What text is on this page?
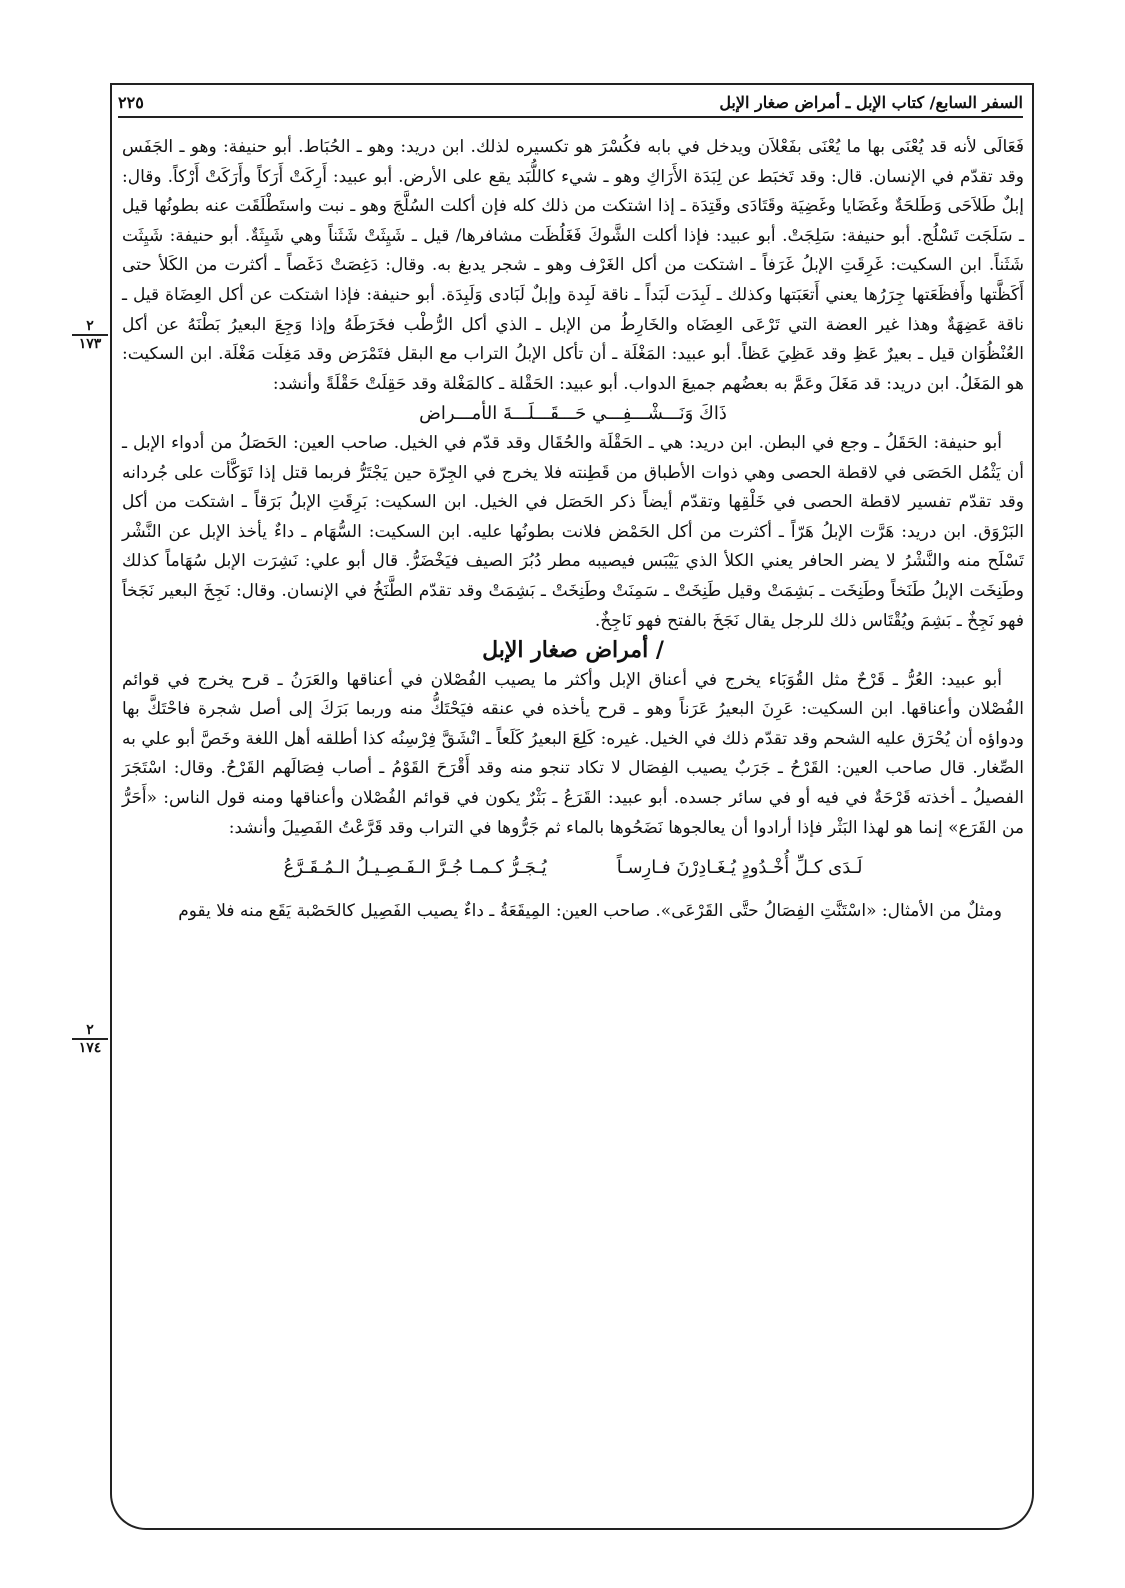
السفر السابع/ كتاب الإبل ـ أمراض صغار الإبل
٢٢٥
٢
١٧٣
٢
١٧٤

فَعَالَى لأنه قد يُعْنَى بها ما يُعْنَى بفَعْلاَن ويدخل في بابه فكُسْرَ هو تكسيره لذلك. ابن دريد: وهو ـ الحُبَاط. أبو حنيفة: وهو ـ الجَفَس وقد تقدّم في الإنسان. قال: وقد تَخبَط عن لِبَدَة الأَرَاكِ وهو ـ شيء كاللُّبَد يقع على الأرض. أبو عبيد: أَرِكَتْ أَرَكاً وأَرَكَتْ أَرْكاً. وقال: إبلٌ طَلاَحَى وَطَلحَةٌ وغَضَايا وغَضِيَة وقَتَادَى وقَتِدَة ـ إذا اشتكت من ذلك كله فإن أكلت السُلَّجَ وهو ـ نبت واستَطْلَقَت عنه بطونُها قيل ـ سَلَجَت تَسْلُج. أبو حنيفة: سَلِجَتْ. أبو عبيد: فإذا أكلت الشَّوكَ فَغَلُظَت مشافرها/ قيل ـ شَيِثَتْ شَثَناً وهي شَيِثَةٌ. أبو حنيفة: شَيِثَت شَثَناً. ابن السكيت: غَرِقَتِ الإبلُ غَرَفاً ـ اشتكت من أكل الغَرْف وهو ـ شجر يدبغ به. وقال: دَغِصَتْ دَغَصاً ـ أكثرت من الكَلأ حتى أَكَظَّتها وأَفظَعَتها جِرَرُها يعني أَتعَبَتها وكذلك ـ لَبِدَت لَبَداً ـ ناقة لَبِدة وإبلٌ لَبَادى وَلَبِدَة. أبو حنيفة: فإذا اشتكت عن أكل العِضَاة قيل ـ ناقة عَضِهَةٌ وهذا غير العضة التي تَرْعَى العِضَاه والخَارِطُ من الإبل ـ الذي أكل الرُّطْب فخَرَطَهُ وإذا وَجِعَ البعيرُ بَطْنَهُ عن أكل العُنْظُوَان قيل ـ بعيرٌ عَظِ وقد عَظِيَ عَظاً. أبو عبيد: المَغْلَة ـ أن تأكل الإبلُ التراب مع البقل فتَمْرَض وقد مَغِلَت مَغْلَة. ابن السكيت: هو المَغَلُ. ابن دريد: قد مَغَلَ وعَمَّ به بعضُهم جميعَ الدواب. أبو عبيد: الحَقْلة ـ كالمَغْلة وقد حَقِلَتْ حَقْلَةً وأنشد:

ذَاكَ وَنَـــشْـــفِـــي حَـــقَـــلَـــةَ الأمـــراض

أبو حنيفة: الحَقَلُ ـ وجع في البطن. ابن دريد: هي ـ الحَقْلَة والحُقَال وقد قدّم في الخيل. صاحب العين: الحَصَلُ من أدواء الإبل ـ أن يَثْمُل الحَصَى في لاقطة الحصى وهي ذوات الأطباق من قَطِنته فلا يخرج في الجِرّة حين يَجْتَرُّ فربما قتل إذا تَوَكَّأت على جُردانه وقد تقدّم تفسير لاقطة الحصى في خَلْقِها وتقدّم أيضاً ذكر الحَصَل في الخيل. ابن السكيت: بَرِقَتِ الإبلُ بَرَقاً ـ اشتكت من أكل البَرْوَق. ابن دريد: هَرَّت الإبلُ هَرّاً ـ أكثرت من أكل الحَمْض فلانت بطونُها عليه. ابن السكيت: السُّهَام ـ داءٌ يأخذ الإبل عن النَّشْر تَسْلَح منه والنَّشْرُ لا يضر الحافر يعني الكلأ الذي يَيْبَس فيصيبه مطر دُبُرَ الصيف فيَخْضَرُّ. قال أبو علي: نَشِرَت الإبل سُهَاماً كذلك وطَنِخَت الإبلُ طَنَخاً وطَنِخَت ـ بَشِمَتْ وقيل طَنِخَتْ ـ سَمِنَتْ وطَنِخَتْ ـ بَشِمَتْ وقد تقدّم الطَّنَخُ في الإنسان. وقال: نَجِخَ البعير نَجَخاً فهو نَجِخٌ ـ بَشِمَ ويُقْتَاس ذلك للرجل يقال نَجَخَ بالفتح فهو نَاجِخٌ.

/ أمراض صغار الإبل

أبو عبيد: العُرُّ ـ قَرْحٌ مثل القُوَبَاء يخرج في أعناق الإبل وأكثر ما يصيب الفُصْلان في أعناقها والعَرَنُ ـ قرح يخرج في قوائم الفُصْلان وأعناقها. ابن السكيت: عَرِنَ البعيرُ عَرَناً وهو ـ قرح يأخذه في عنقه فيَحْتَكُّ منه وربما بَرَكَ إلى أصل شجرة فاحْتَكَّ بها ودواؤه أن يُحْرَق عليه الشحم وقد تقدّم ذلك في الخيل. غيره: كَلِعَ البعيرُ كَلَعاً ـ انْشَقَّ فِرْسِنُه كذا أطلقه أهل اللغة وخَصَّ أبو علي به الصِّغار. قال صاحب العين: القَرْحُ ـ جَرَبٌ يصيب الفِصَال لا تكاد تنجو منه وقد أَقْرَحَ القَوْمُ ـ أصاب فِصَالَهم القَرْحُ. وقال: اسْتَجَرَ الفصيلُ ـ أخذته قَرْحَةٌ في فيه أو في سائر جسده. أبو عبيد: القَرَعُ ـ بَثْرٌ يكون في قوائم الفُصْلان وأعناقها ومنه قول الناس: «أَحَرُّ من القَرَع» إنما هو لهذا البَثْر فإذا أرادوا أن يعالجوها نَضَحُوها بالماء ثم جَرُّوها في التراب وقد قَرَّعْتُ الفَصِيلَ وأنشد:

لَـدَى كـلِّ أُخْـدُودٍ يُـغَـادِرْنَ فـارِسـاً
يُـجَـرُّ كـمـا جُـرَّ الـفَـصِـيـلُ الـمُـقَـرَّعُ

ومثلٌ من الأمثال: «اسْتَنَّتِ الفِصَالُ حتَّى القَرْعَى». صاحب العين: المِيقَعَةُ ـ داءٌ يصيب الفَصِيل كالحَصْبة يَقَع منه فلا يقوم
